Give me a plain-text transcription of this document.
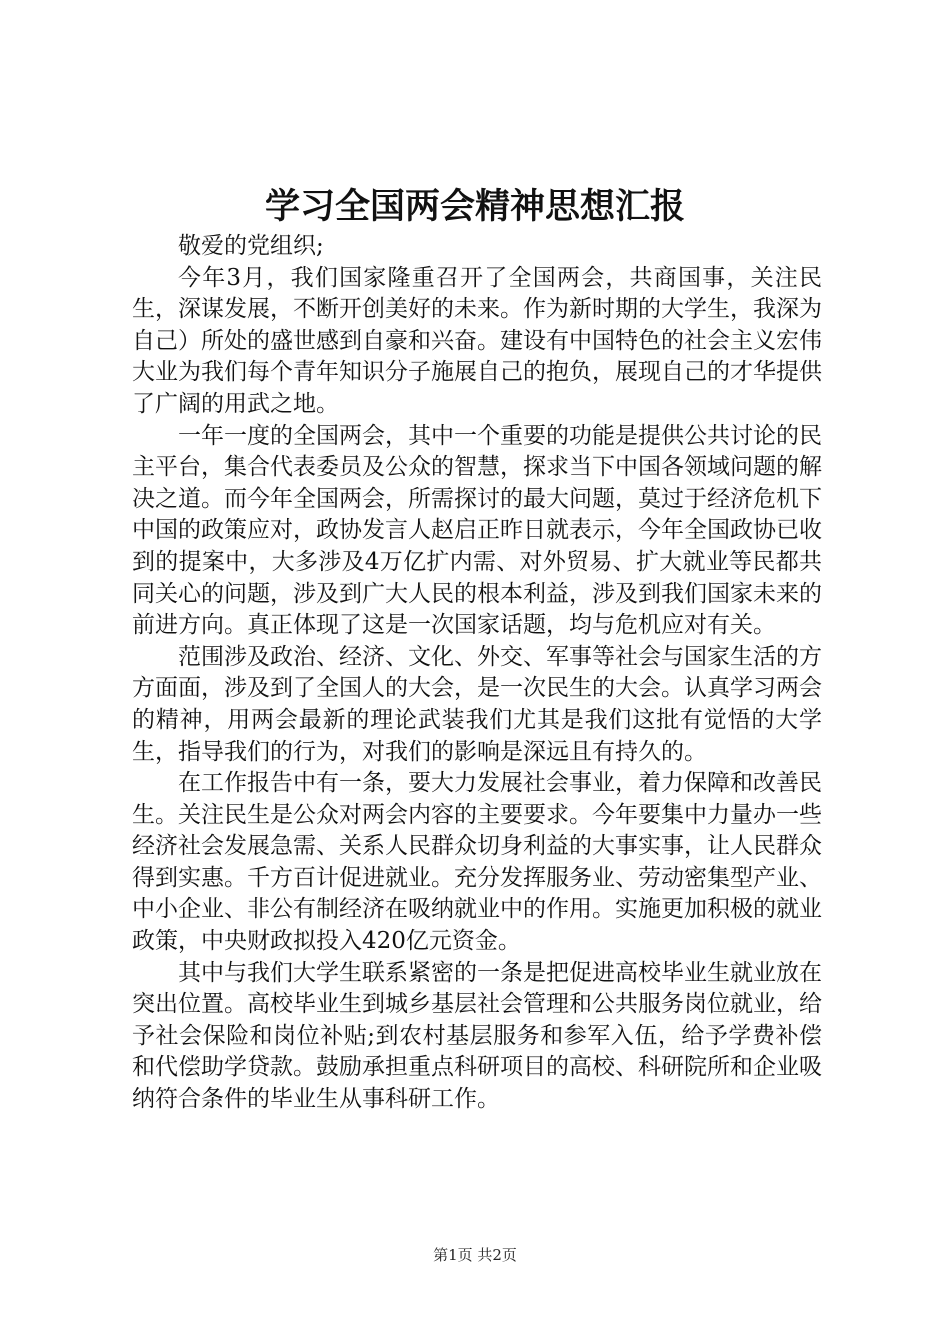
学习全国两会精神思想汇报

敬爱的党组织;

今年3月，我们国家隆重召开了全国两会，共商国事，关注民生，深谋发展，不断开创美好的未来。作为新时期的大学生，我深为自己）所处的盛世感到自豪和兴奋。建设有中国特色的社会主义宏伟大业为我们每个青年知识分子施展自己的抱负，展现自己的才华提供了广阔的用武之地。

一年一度的全国两会，其中一个重要的功能是提供公共讨论的民主平台，集合代表委员及公众的智慧，探求当下中国各领域问题的解决之道。而今年全国两会，所需探讨的最大问题，莫过于经济危机下中国的政策应对，政协发言人赵启正昨日就表示，今年全国政协已收到的提案中，大多涉及4万亿扩内需、对外贸易、扩大就业等民都共同关心的问题，涉及到广大人民的根本利益，涉及到我们国家未来的前进方向。真正体现了这是一次国家话题，均与危机应对有关。

范围涉及政治、经济、文化、外交、军事等社会与国家生活的方方面面，涉及到了全国人的大会，是一次民生的大会。认真学习两会的精神，用两会最新的理论武装我们尤其是我们这批有觉悟的大学生，指导我们的行为，对我们的影响是深远且有持久的。

在工作报告中有一条，要大力发展社会事业，着力保障和改善民生。关注民生是公众对两会内容的主要要求。今年要集中力量办一些经济社会发展急需、关系人民群众切身利益的大事实事，让人民群众得到实惠。千方百计促进就业。充分发挥服务业、劳动密集型产业、中小企业、非公有制经济在吸纳就业中的作用。实施更加积极的就业政策，中央财政拟投入420亿元资金。

其中与我们大学生联系紧密的一条是把促进高校毕业生就业放在突出位置。高校毕业生到城乡基层社会管理和公共服务岗位就业，给予社会保险和岗位补贴;到农村基层服务和参军入伍，给予学费补偿和代偿助学贷款。鼓励承担重点科研项目的高校、科研院所和企业吸纳符合条件的毕业生从事科研工作。

第1页 共2页
